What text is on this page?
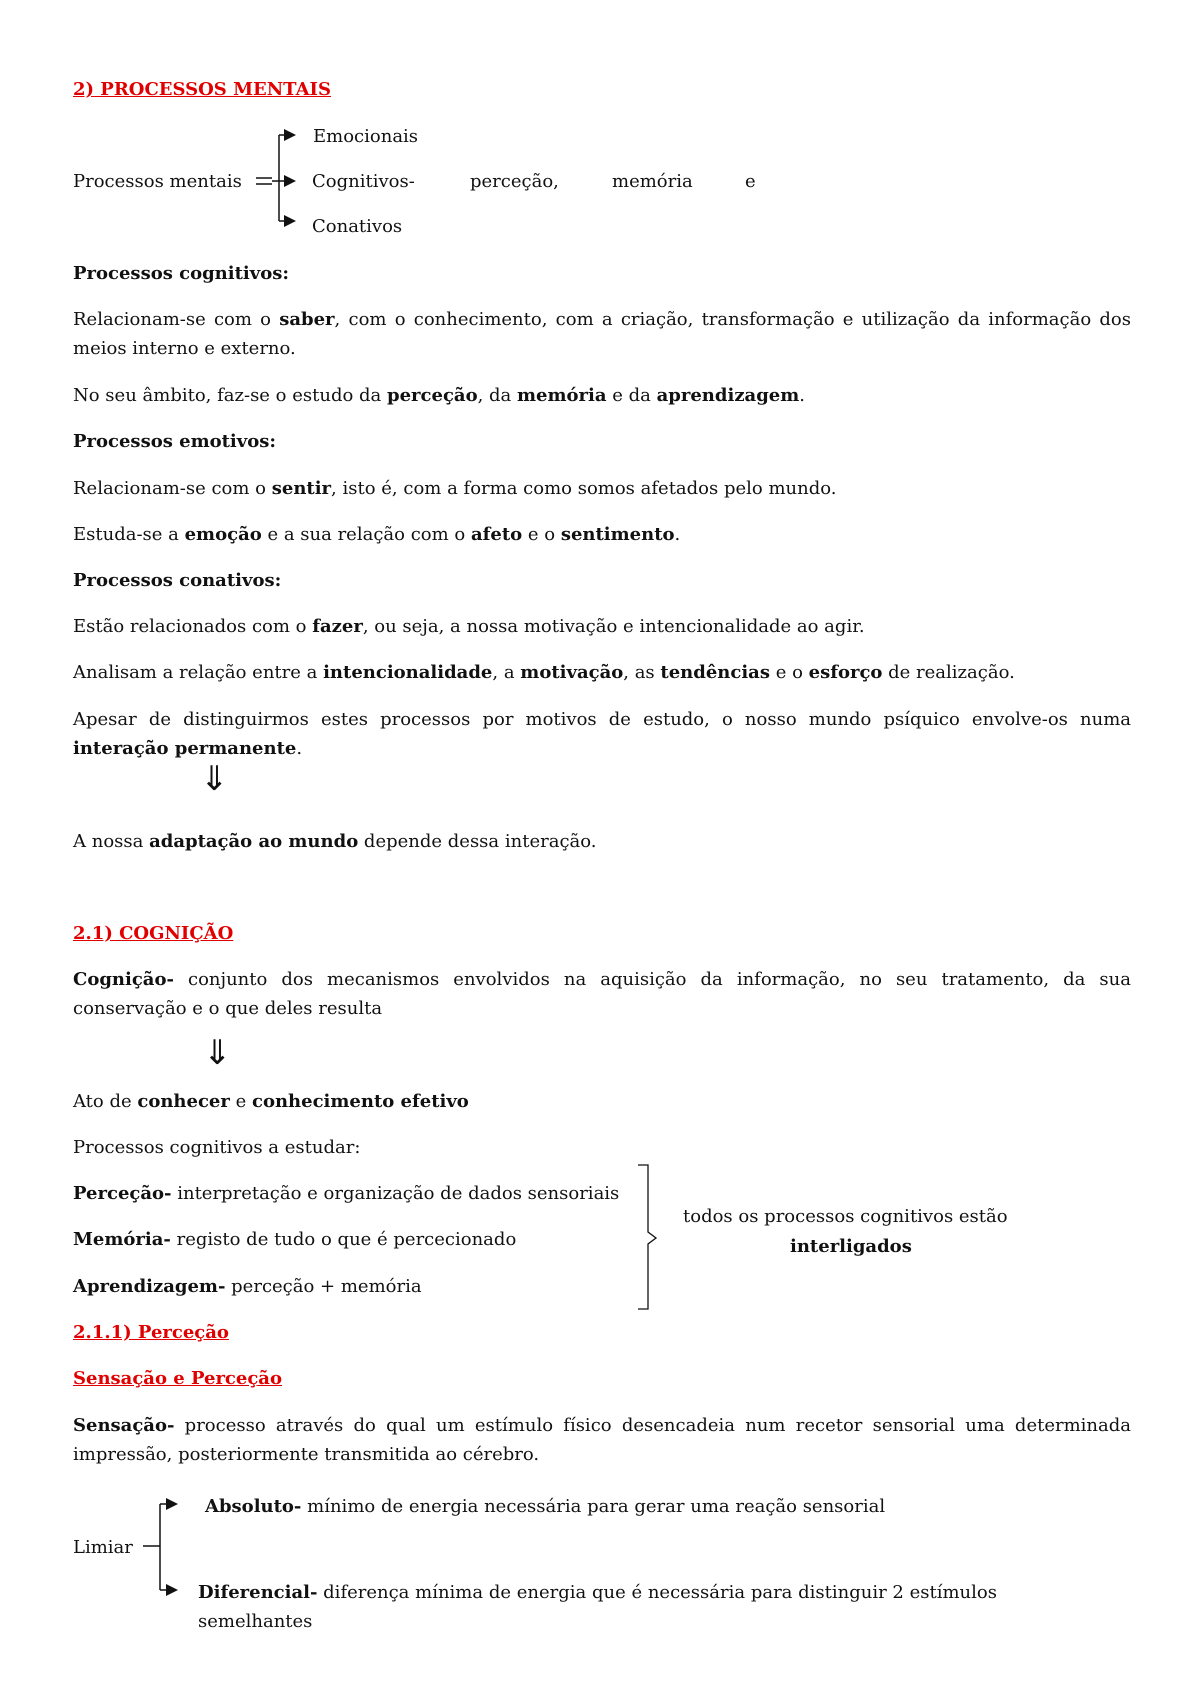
2) PROCESSOS MENTAIS
Processos mentais
Emocionais
Cognitivos-	perceção,	memória	e
Conativos
Processos cognitivos:
Relacionam-se com o saber, com o conhecimento, com a criação, transformação e utilização da informação dos meios interno e externo.
No seu âmbito, faz-se o estudo da perceção, da memória e da aprendizagem.
Processos emotivos:
Relacionam-se com o sentir, isto é, com a forma como somos afetados pelo mundo.
Estuda-se a emoção e a sua relação com o afeto e o sentimento.
Processos conativos:
Estão relacionados com o fazer, ou seja, a nossa motivação e intencionalidade ao agir.
Analisam a relação entre a intencionalidade, a motivação, as tendências e o esforço de realização.
Apesar de distinguirmos estes processos por motivos de estudo, o nosso mundo psíquico envolve-os numa interação permanente.
⇓
A nossa adaptação ao mundo depende dessa interação.
2.1) COGNIÇÃO
Cognição- conjunto dos mecanismos envolvidos na aquisição da informação, no seu tratamento, da sua conservação e o que deles resulta
⇓
Ato de conhecer e conhecimento efetivo
Processos cognitivos a estudar:
Perceção- interpretação e organização de dados sensoriais
Memória- registo de tudo o que é percecionado
Aprendizagem- perceção + memória
todos os processos cognitivos estão
interligados
2.1.1) Perceção
Sensação e Perceção
Sensação- processo através do qual um estímulo físico desencadeia num recetor sensorial uma determinada impressão, posteriormente transmitida ao cérebro.
Limiar
Absoluto- mínimo de energia necessária para gerar uma reação sensorial
Diferencial- diferença mínima de energia que é necessária para distinguir 2 estímulos semelhantes
